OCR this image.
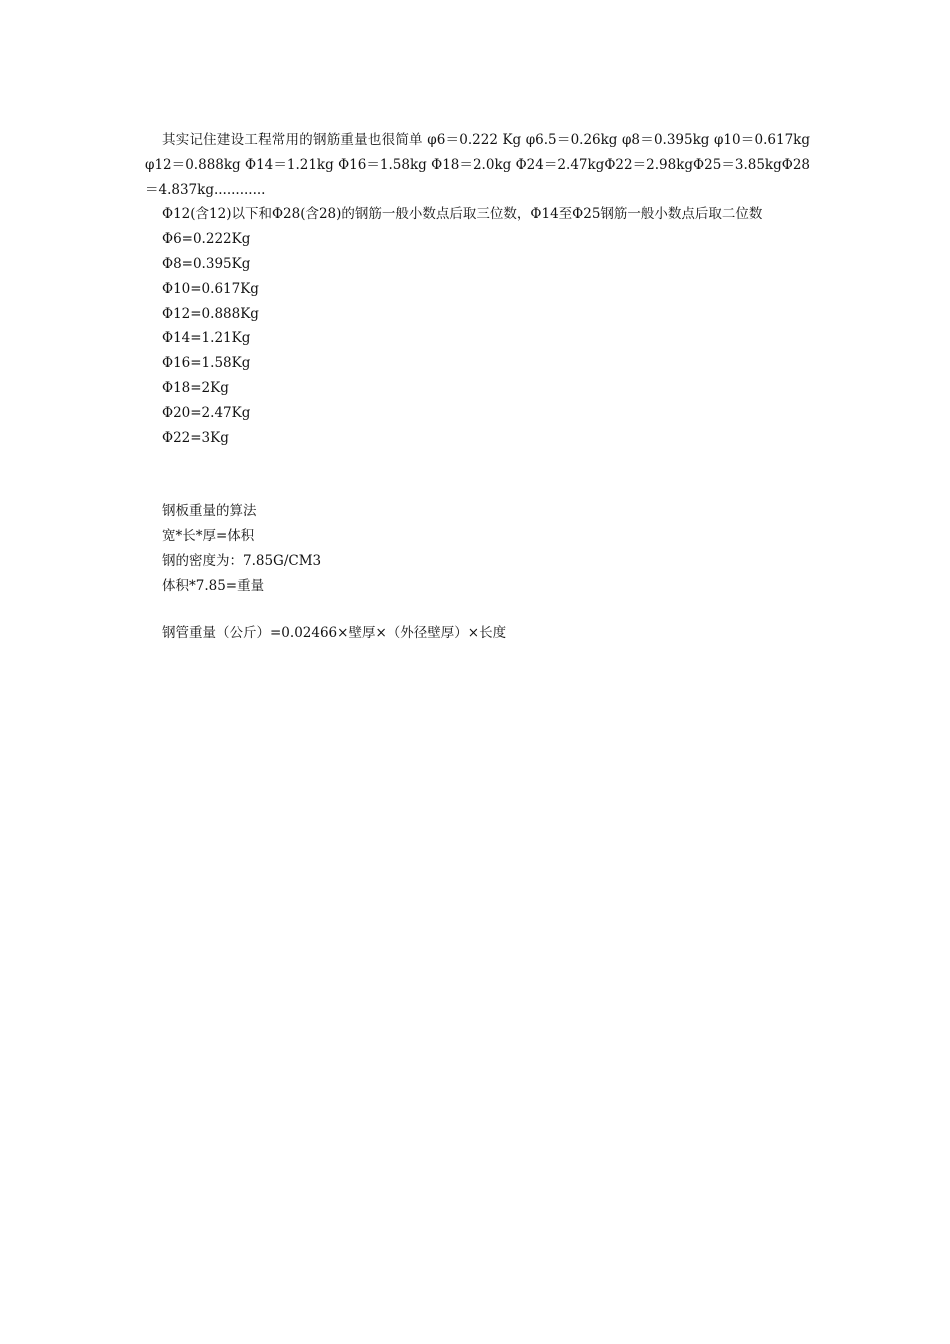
其实记住建设工程常用的钢筋重量也很简单 φ6＝0.222 Kg φ6.5＝0.26kg φ8＝0.395kg φ10＝0.617kg φ12＝0.888kg Φ14＝1.21kg Φ16＝1.58kg Φ18＝2.0kg Φ24＝2.47kgΦ22＝2.98kgΦ25＝3.85kgΦ28＝4.837kg............

Φ12(含12)以下和Φ28(含28)的钢筋一般小数点后取三位数，Φ14至Φ25钢筋一般小数点后取二位数

Φ6=0.222Kg

Φ8=0.395Kg

Φ10=0.617Kg

Φ12=0.888Kg

Φ14=1.21Kg

Φ16=1.58Kg

Φ18=2Kg

Φ20=2.47Kg

Φ22=3Kg

钢板重量的算法

宽*长*厚=体积

钢的密度为：7.85G/CM3

体积*7.85=重量

钢管重量（公斤）=0.02466×壁厚×（外径壁厚）×长度
